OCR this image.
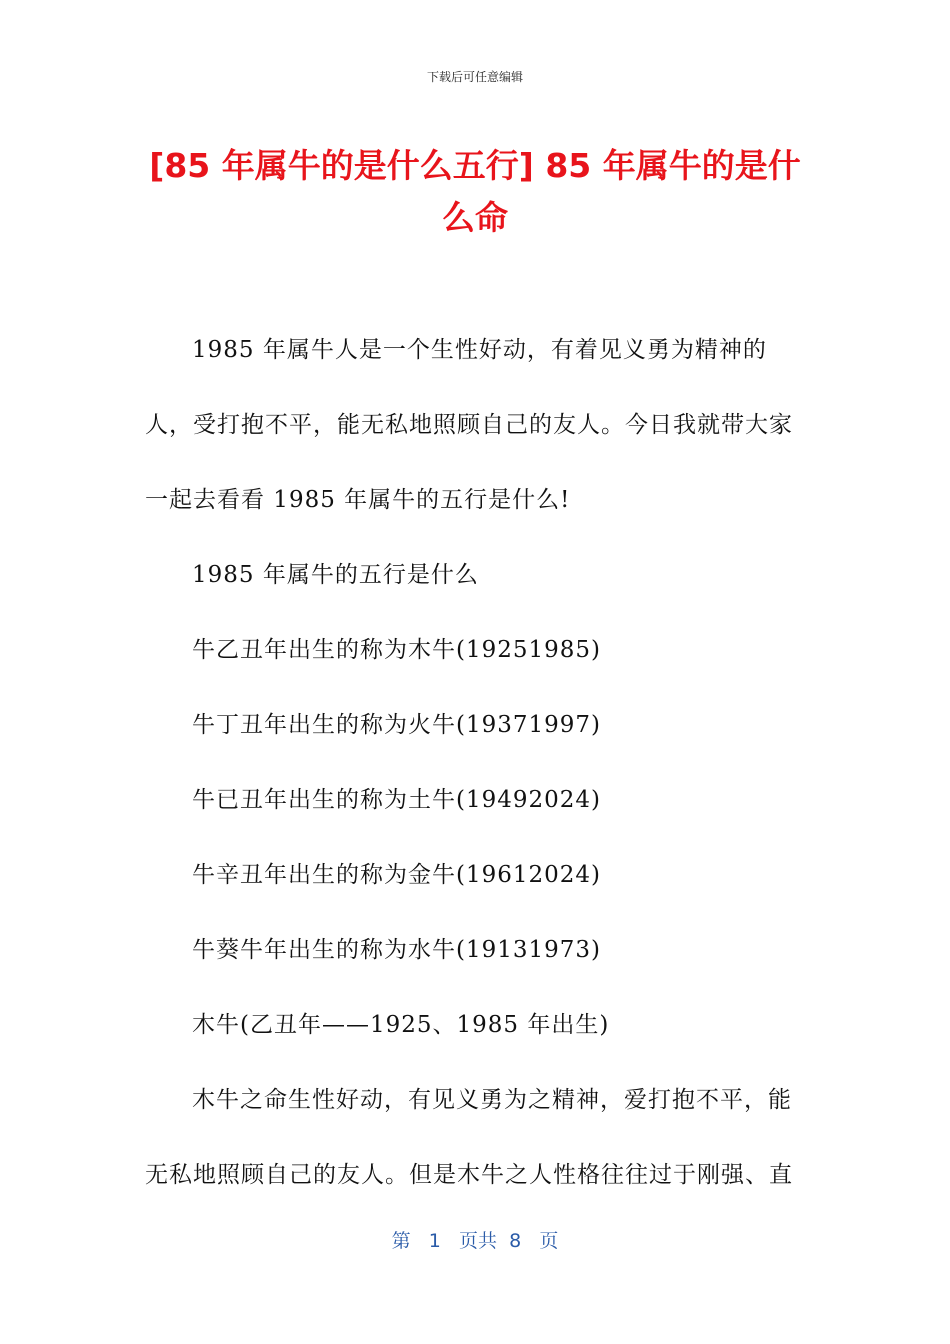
下载后可任意编辑
[85 年属牛的是什么五行] 85 年属牛的是什么命

1985 年属牛人是一个生性好动，有着见义勇为精神的人，受打抱不平，能无私地照顾自己的友人。今日我就带大家一起去看看 1985 年属牛的五行是什么!

1985 年属牛的五行是什么

牛乙丑年出生的称为木牛(19251985)

牛丁丑年出生的称为火牛(19371997)

牛已丑年出生的称为土牛(19492024)

牛辛丑年出生的称为金牛(19612024)

牛葵牛年出生的称为水牛(19131973)

木牛(乙丑年——1925、1985 年出生)

木牛之命生性好动，有见义勇为之精神，爱打抱不平，能无私地照顾自己的友人。但是木牛之人性格往往过于刚强、直

第 1 页共 8 页
